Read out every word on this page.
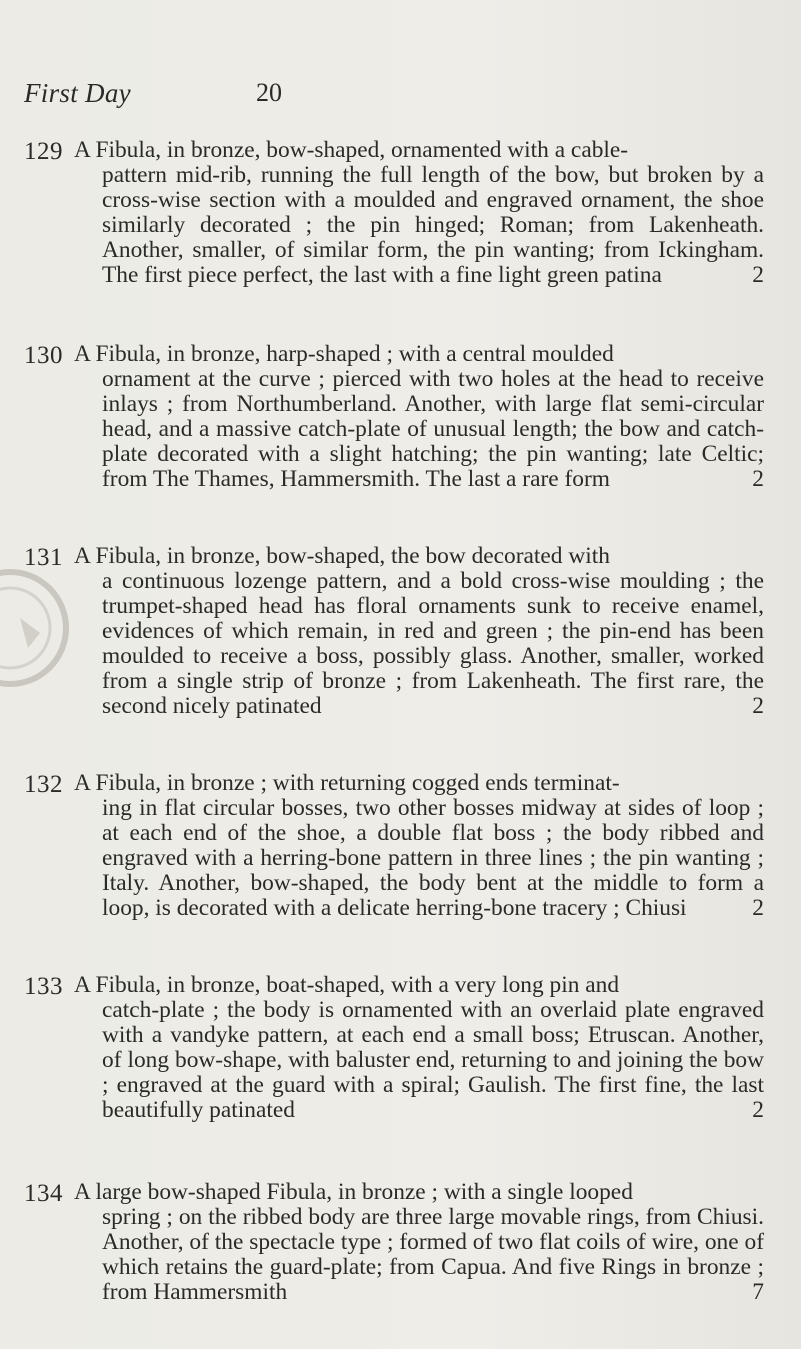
First Day	20
129 A Fibula, in bronze, bow-shaped, ornamented with a cable-
pattern mid-rib, running the full length of the bow, but broken by a cross-wise section with a moulded and engraved ornament, the shoe similarly decorated ; the pin hinged; Roman; from Lakenheath. Another, smaller, of similar form, the pin wanting; from Ickingham. The first piece perfect, the last with a fine light green patina	2
130 A Fibula, in bronze, harp-shaped ; with a central moulded
ornament at the curve ; pierced with two holes at the head to receive inlays ; from Northumberland. Another, with large flat semi-circular head, and a massive catch-plate of unusual length; the bow and catch-plate decorated with a slight hatching; the pin wanting; late Celtic; from The Thames, Hammersmith. The last a rare form	2
131 A Fibula, in bronze, bow-shaped, the bow decorated with
a continuous lozenge pattern, and a bold cross-wise moulding ; the trumpet-shaped head has floral ornaments sunk to receive enamel, evidences of which remain, in red and green ; the pin-end has been moulded to receive a boss, possibly glass. Another, smaller, worked from a single strip of bronze ; from Lakenheath. The first rare, the second nicely patinated	2
132 A Fibula, in bronze ; with returning cogged ends terminat-
ing in flat circular bosses, two other bosses midway at sides of loop ; at each end of the shoe, a double flat boss ; the body ribbed and engraved with a herring-bone pattern in three lines ; the pin wanting ; Italy. Another, bow-shaped, the body bent at the middle to form a loop, is decorated with a delicate herring-bone tracery ; Chiusi	2
133 A Fibula, in bronze, boat-shaped, with a very long pin and
catch-plate ; the body is ornamented with an overlaid plate engraved with a vandyke pattern, at each end a small boss; Etruscan. Another, of long bow-shape, with baluster end, returning to and joining the bow ; engraved at the guard with a spiral; Gaulish. The first fine, the last beautifully patinated	2
134 A large bow-shaped Fibula, in bronze ; with a single looped
spring ; on the ribbed body are three large movable rings, from Chiusi. Another, of the spectacle type ; formed of two flat coils of wire, one of which retains the guard-plate; from Capua. And five Rings in bronze ; from Hammersmith	7
